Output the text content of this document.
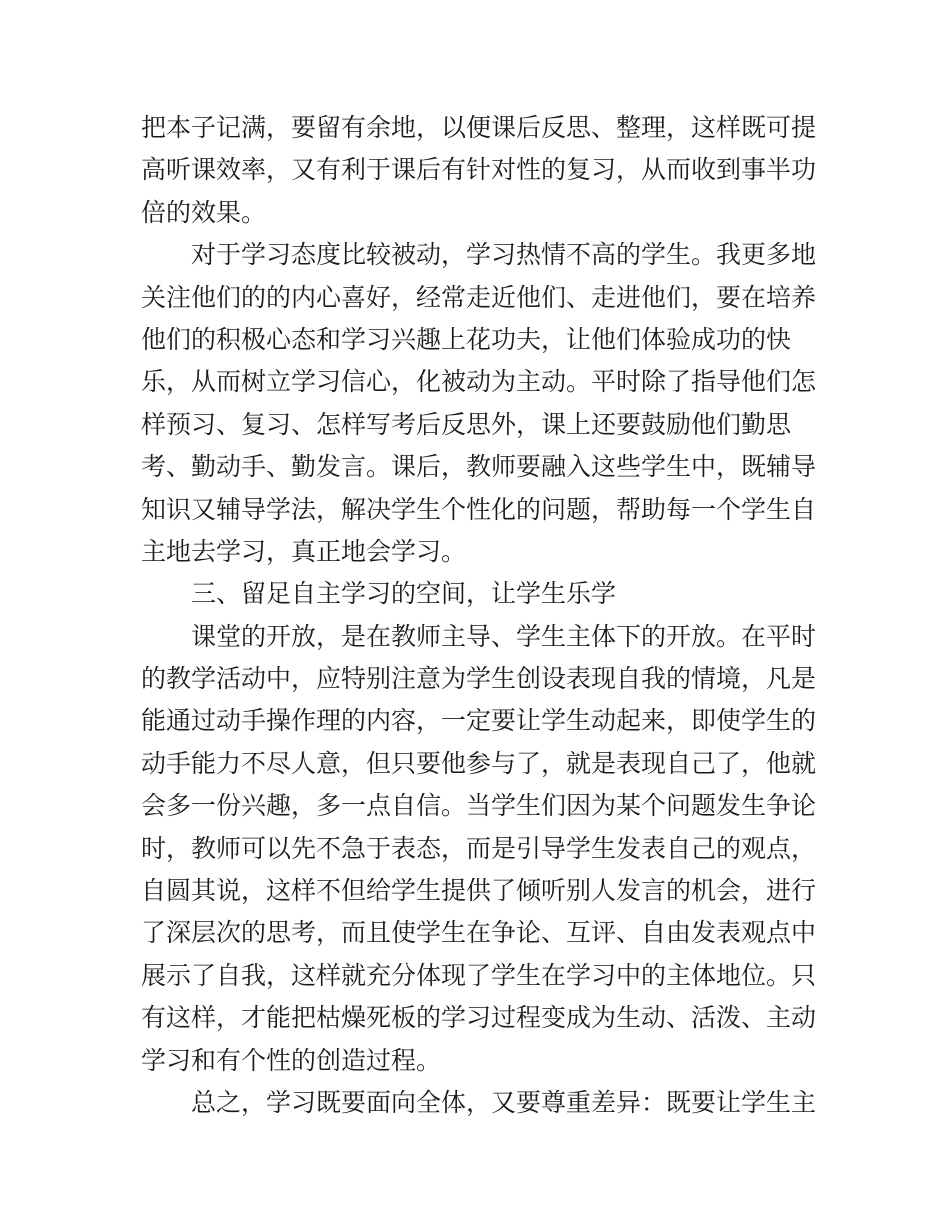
把本子记满，要留有余地，以便课后反思、整理，这样既可提
高听课效率，又有利于课后有针对性的复习，从而收到事半功
倍的效果。
对于学习态度比较被动，学习热情不高的学生。我更多地
关注他们的的内心喜好，经常走近他们、走进他们，要在培养
他们的积极心态和学习兴趣上花功夫，让他们体验成功的快
乐，从而树立学习信心，化被动为主动。平时除了指导他们怎
样预习、复习、怎样写考后反思外，课上还要鼓励他们勤思
考、勤动手、勤发言。课后，教师要融入这些学生中，既辅导
知识又辅导学法，解决学生个性化的问题，帮助每一个学生自
主地去学习，真正地会学习。
三、留足自主学习的空间，让学生乐学
课堂的开放，是在教师主导、学生主体下的开放。在平时
的教学活动中，应特别注意为学生创设表现自我的情境，凡是
能通过动手操作理的内容，一定要让学生动起来，即使学生的
动手能力不尽人意，但只要他参与了，就是表现自己了，他就
会多一份兴趣，多一点自信。当学生们因为某个问题发生争论
时，教师可以先不急于表态，而是引导学生发表自己的观点，
自圆其说，这样不但给学生提供了倾听别人发言的机会，进行
了深层次的思考，而且使学生在争论、互评、自由发表观点中
展示了自我，这样就充分体现了学生在学习中的主体地位。只
有这样，才能把枯燥死板的学习过程变成为生动、活泼、主动
学习和有个性的创造过程。
总之，学习既要面向全体，又要尊重差异：既要让学生主
